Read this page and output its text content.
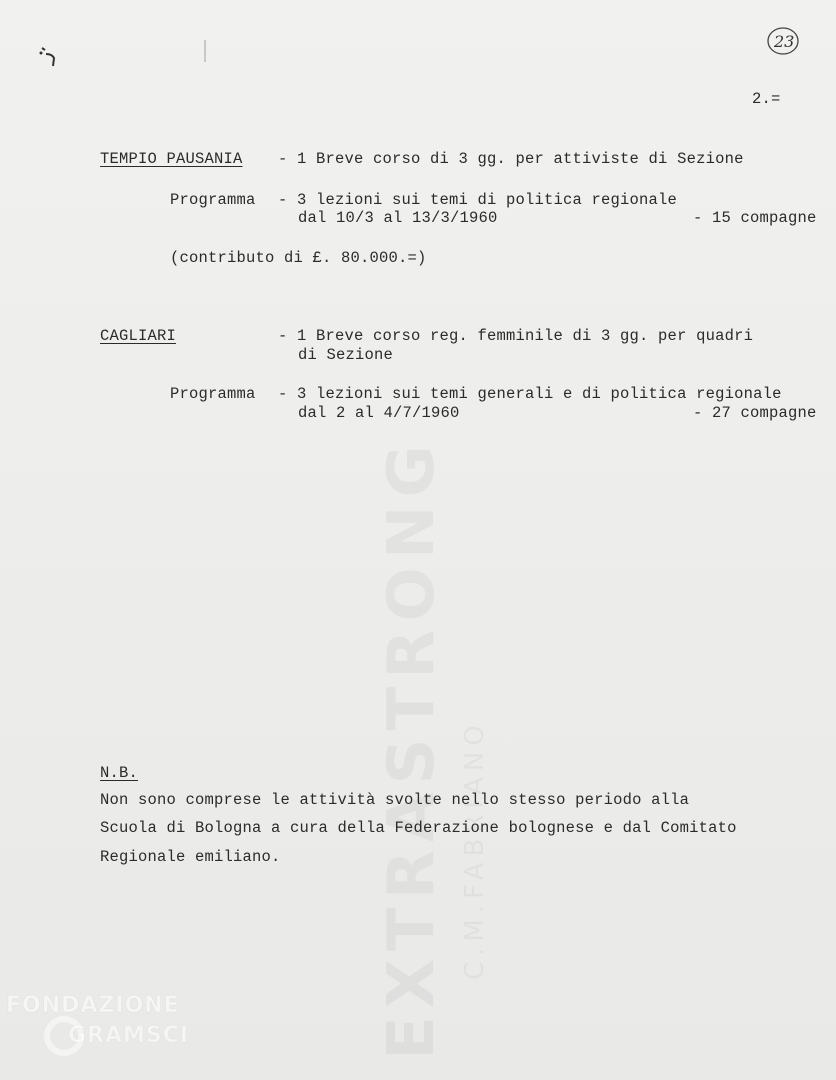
23
2.=
TEMPIO PAUSANIA - 1 Breve corso di 3 gg. per attiviste di Sezione
Programma - 3 lezioni sui temi di politica regionale
dal 10/3 al 13/3/1960	- 15 compagne
(contributo di £. 80.000.=)
CAGLIARI	- 1 Breve corso reg. femminile di 3 gg. per quadri
di Sezione
Programma - 3 lezioni sui temi generali e di politica regionale
dal 2 al 4/7/1960	- 27 compagne
N.B.
Non sono comprese le attività svolte nello stesso periodo alla
Scuola di Bologna a cura della Federazione bolognese e dal Comitato
Regionale emiliano.
FONDAZIONE
GRAMSCI
